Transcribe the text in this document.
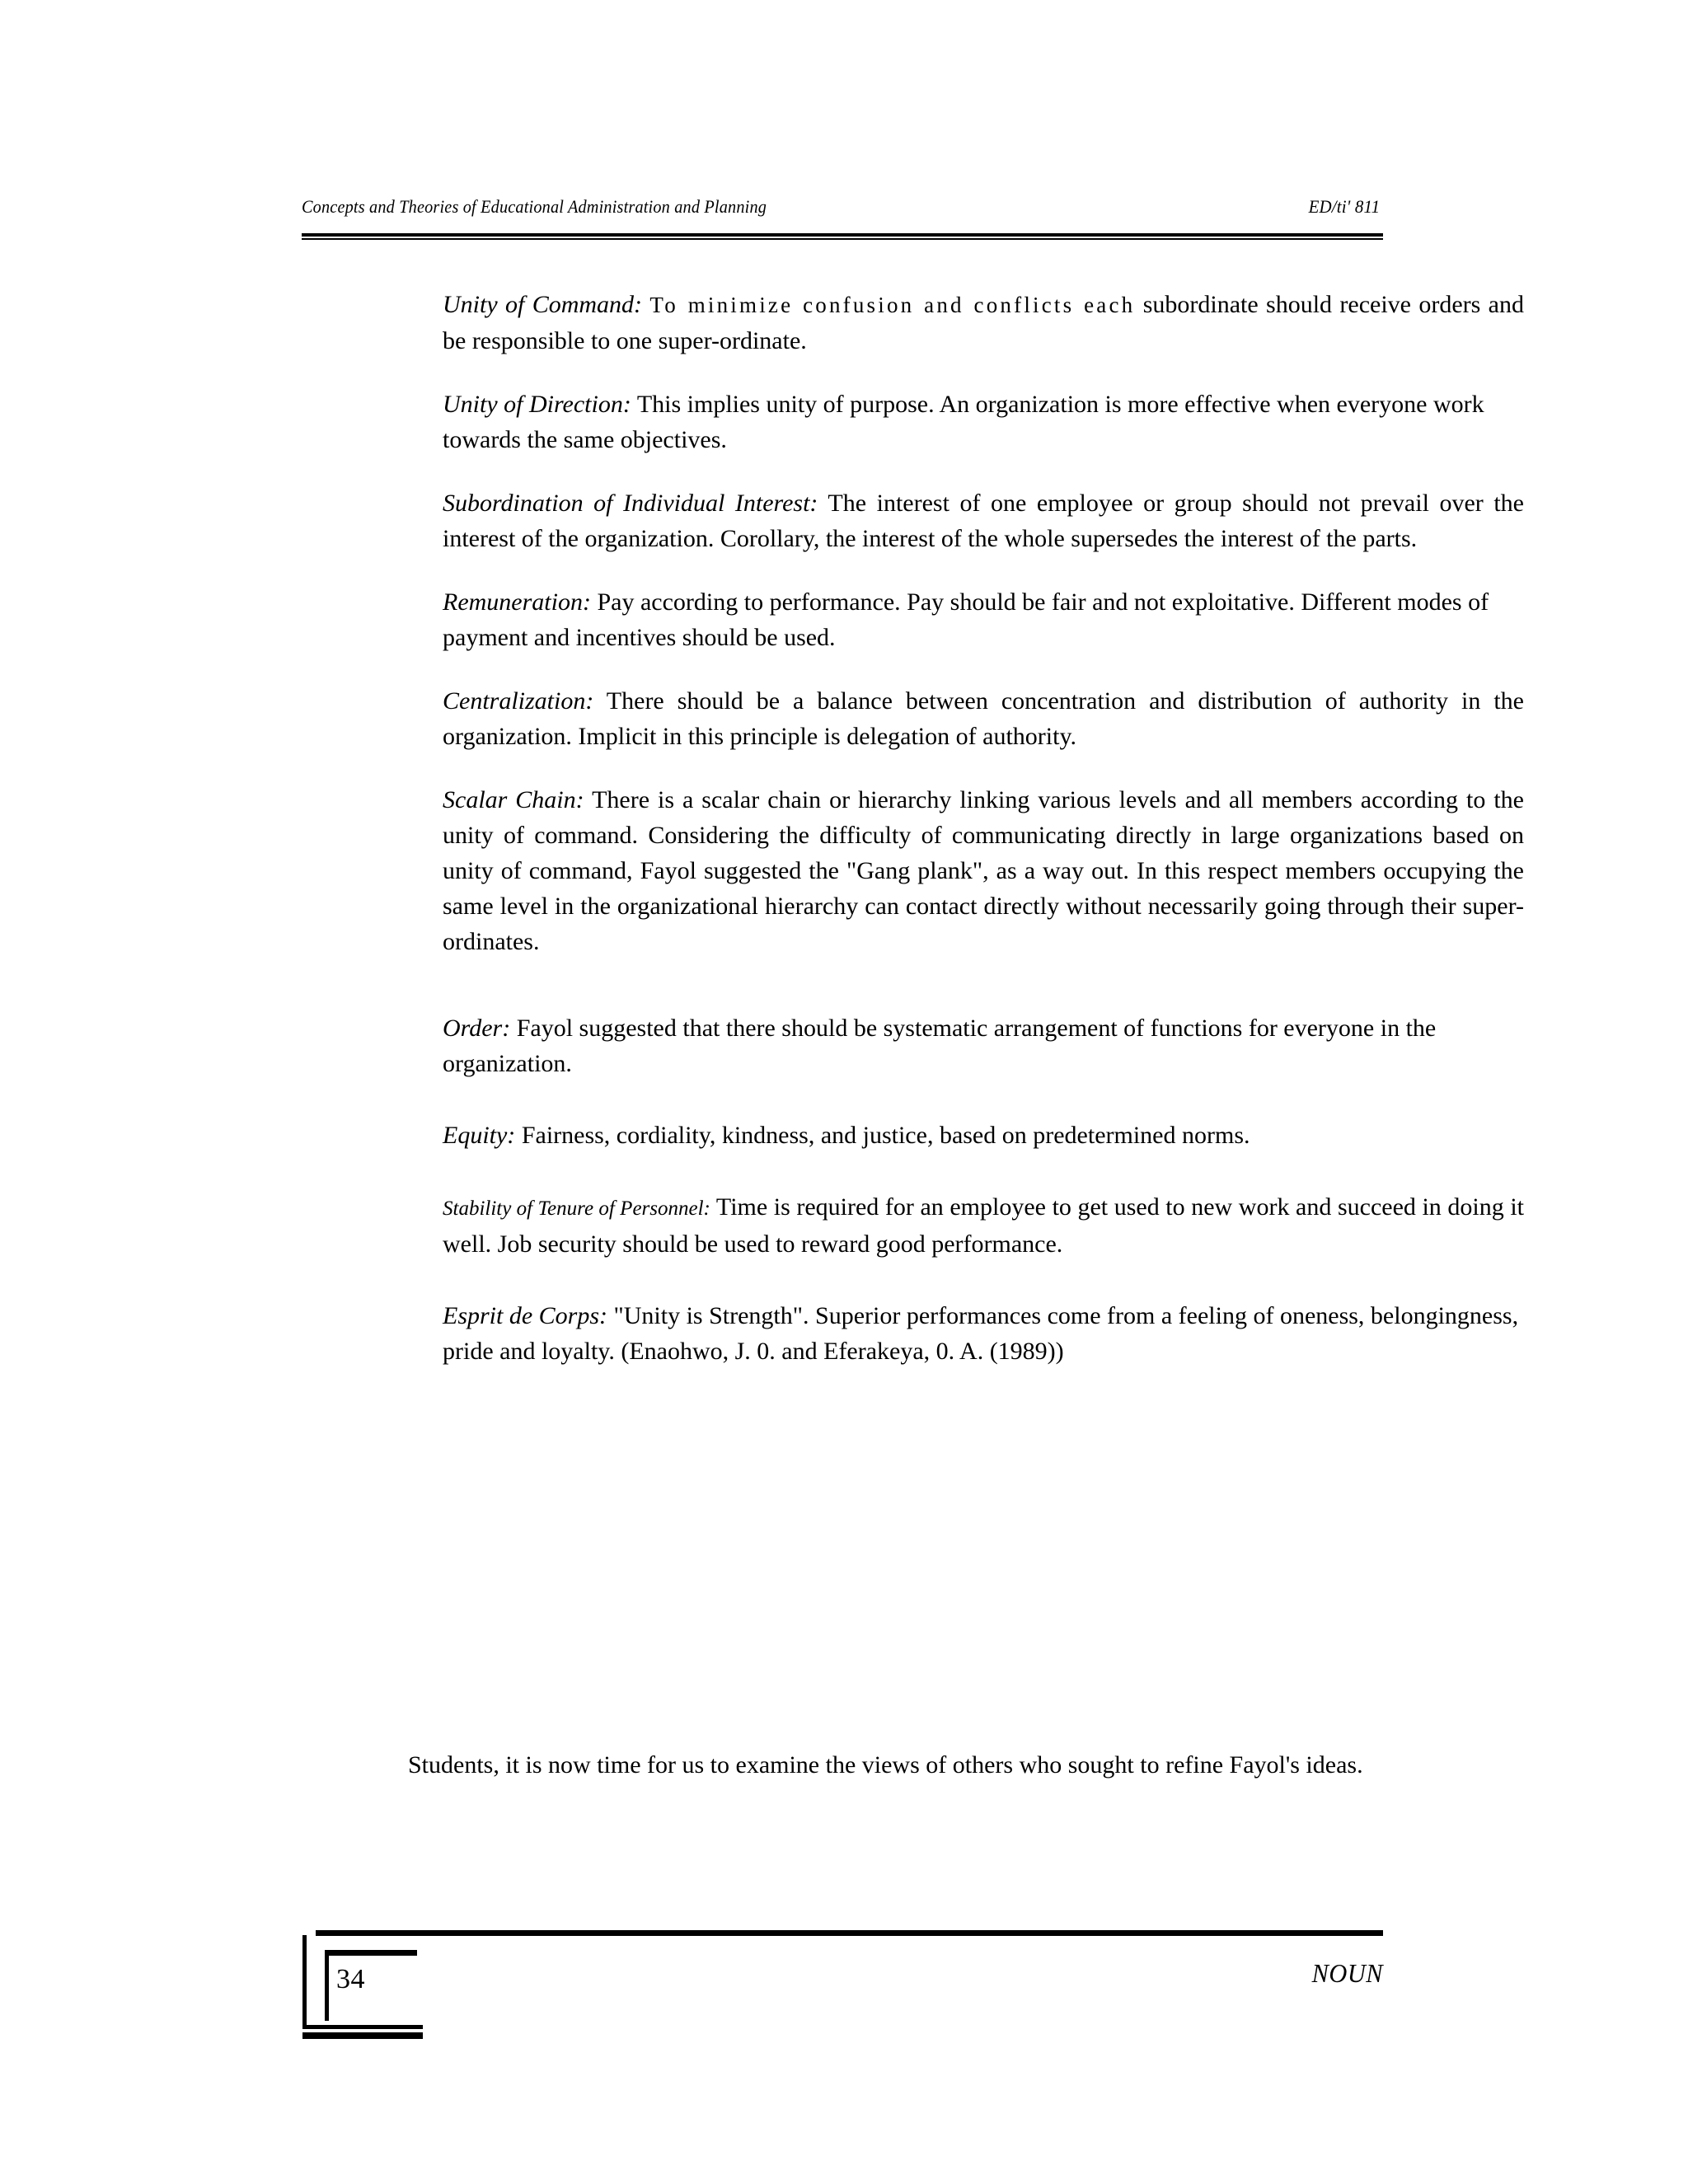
Concepts and Theories of Educational Administration and Planning	ED/ti' 811

Unity of Command: To minimize confusion and conflicts each subordinate should receive orders and be responsible to one super-ordinate.

Unity of Direction: This implies unity of purpose. An organization is more effective when everyone work towards the same objectives.

Subordination of Individual Interest: The interest of one employee or group should not prevail over the interest of the organization. Corollary, the interest of the whole supersedes the interest of the parts.

Remuneration: Pay according to performance. Pay should be fair and not exploitative. Different modes of payment and incentives should be used.

Centralization: There should be a balance between concentration and distribution of authority in the organization. Implicit in this principle is delegation of authority.

Scalar Chain: There is a scalar chain or hierarchy linking various levels and all members according to the unity of command. Considering the difficulty of communicating directly in large organizations based on unity of command, Fayol suggested the "Gang plank", as a way out. In this respect members occupying the same level in the organizational hierarchy can contact directly without necessarily going through their super-ordinates.

Order: Fayol suggested that there should be systematic arrangement of functions for everyone in the organization.

Equity: Fairness, cordiality, kindness, and justice, based on predetermined norms.

Stability of Tenure of Personnel: Time is required for an employee to get used to new work and succeed in doing it well. Job security should be used to reward good performance.

Esprit de Corps: "Unity is Strength". Superior performances come from a feeling of oneness, belongingness, pride and loyalty. (Enaohwo, J. 0. and Eferakeya, 0. A. (1989))

Students, it is now time for us to examine the views of others who sought to refine Fayol's ideas.

34	NOUN
